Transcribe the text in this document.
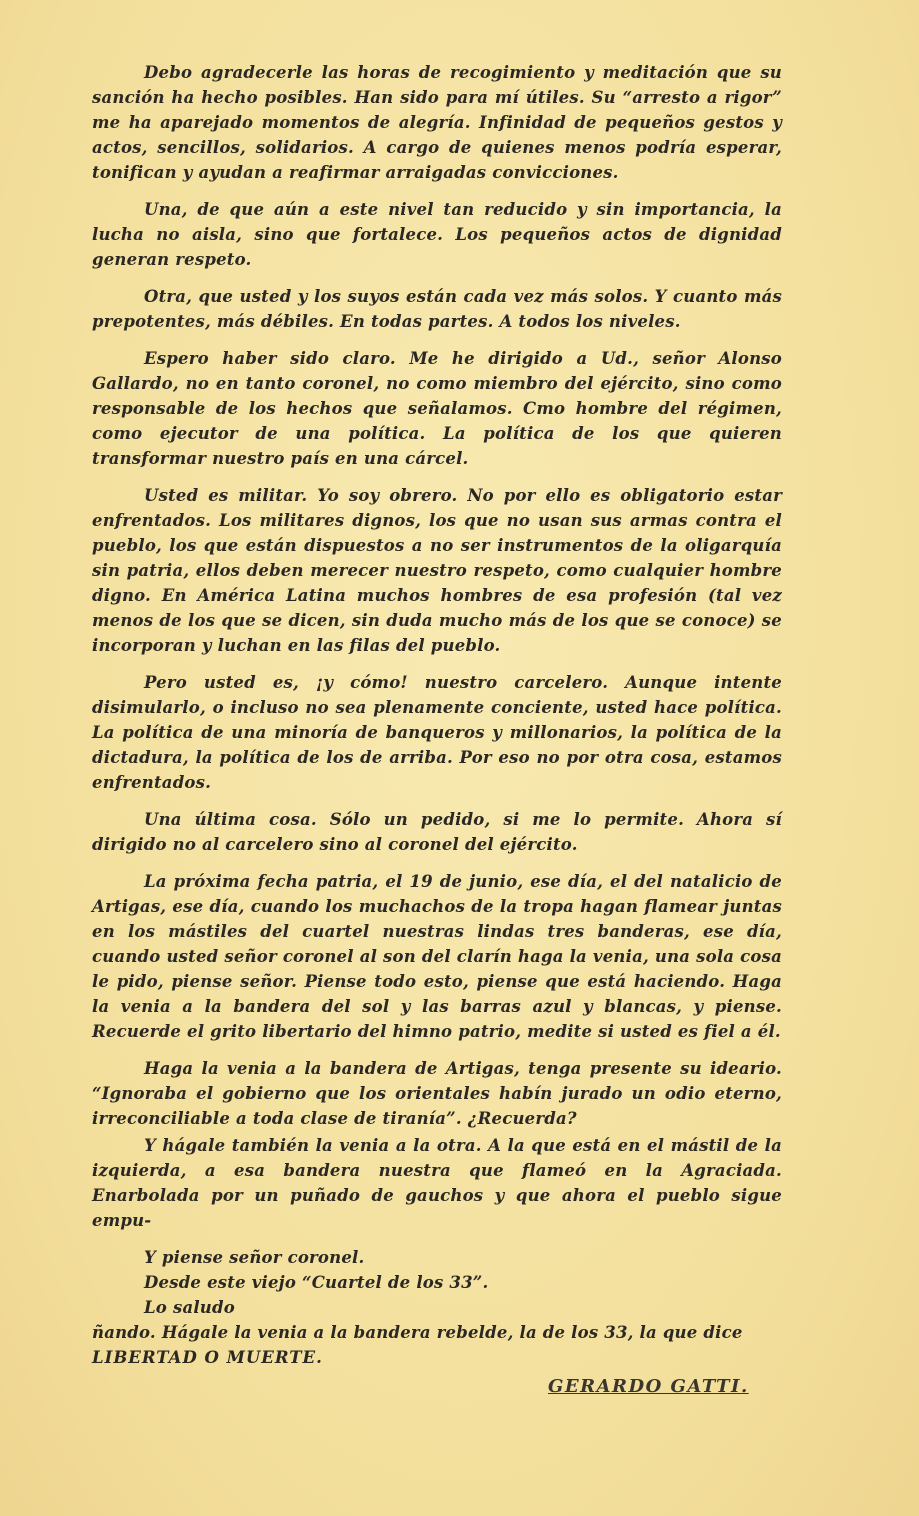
Debo agradecerle las horas de recogimiento y meditación que su sanción ha hecho posibles. Han sido para mí útiles. Su “arresto a rigor” me ha aparejado momentos de alegría. Infinidad de pequeños gestos y actos, sencillos, solidarios. A cargo de quienes menos podría esperar, tonifican y ayudan a reafirmar arraigadas convicciones.

Una, de que aún a este nivel tan reducido y sin importancia, la lucha no aisla, sino que fortalece. Los pequeños actos de dignidad generan respeto.

Otra, que usted y los suyos están cada vez más solos. Y cuanto más prepotentes, más débiles. En todas partes. A todos los niveles.

Espero haber sido claro. Me he dirigido a Ud., señor Alonso Gallardo, no en tanto coronel, no como miembro del ejército, sino como responsable de los hechos que señalamos. Cmo hombre del régimen, como ejecutor de una política. La política de los que quieren transformar nuestro país en una cárcel.

Usted es militar. Yo soy obrero. No por ello es obligatorio estar enfrentados. Los militares dignos, los que no usan sus armas contra el pueblo, los que están dispuestos a no ser instrumentos de la oligarquía sin patria, ellos deben merecer nuestro respeto, como cualquier hombre digno. En América Latina muchos hombres de esa profesión (tal vez menos de los que se dicen, sin duda mucho más de los que se conoce) se incorporan y luchan en las filas del pueblo.

Pero usted es, ¡y cómo! nuestro carcelero. Aunque intente disimularlo, o incluso no sea plenamente conciente, usted hace política. La política de una minoría de banqueros y millonarios, la política de la dictadura, la política de los de arriba. Por eso no por otra cosa, estamos enfrentados.

Una última cosa. Sólo un pedido, si me lo permite. Ahora sí dirigido no al carcelero sino al coronel del ejército.

La próxima fecha patria, el 19 de junio, ese día, el del natalicio de Artigas, ese día, cuando los muchachos de la tropa hagan flamear juntas en los mástiles del cuartel nuestras lindas tres banderas, ese día, cuando usted señor coronel al son del clarín haga la venia, una sola cosa le pido, piense señor. Piense todo esto, piense que está haciendo. Haga la venia a la bandera del sol y las barras azul y blancas, y piense. Recuerde el grito libertario del himno patrio, medite si usted es fiel a él.

Haga la venia a la bandera de Artigas, tenga presente su ideario. “Ignoraba el gobierno que los orientales habín jurado un odio eterno, irreconciliable a toda clase de tiranía”. ¿Recuerda?

Y hágale también la venia a la otra. A la que está en el mástil de la izquierda, a esa bandera nuestra que flameó en la Agraciada. Enarbolada por un puñado de gauchos y que ahora el pueblo sigue empu-

Y piense señor coronel.
Desde este viejo “Cuartel de los 33”.
Lo saludo
ñando. Hágale la venia a la bandera rebelde, la de los 33, la que dice
LIBERTAD O MUERTE.
GERARDO GATTI.
